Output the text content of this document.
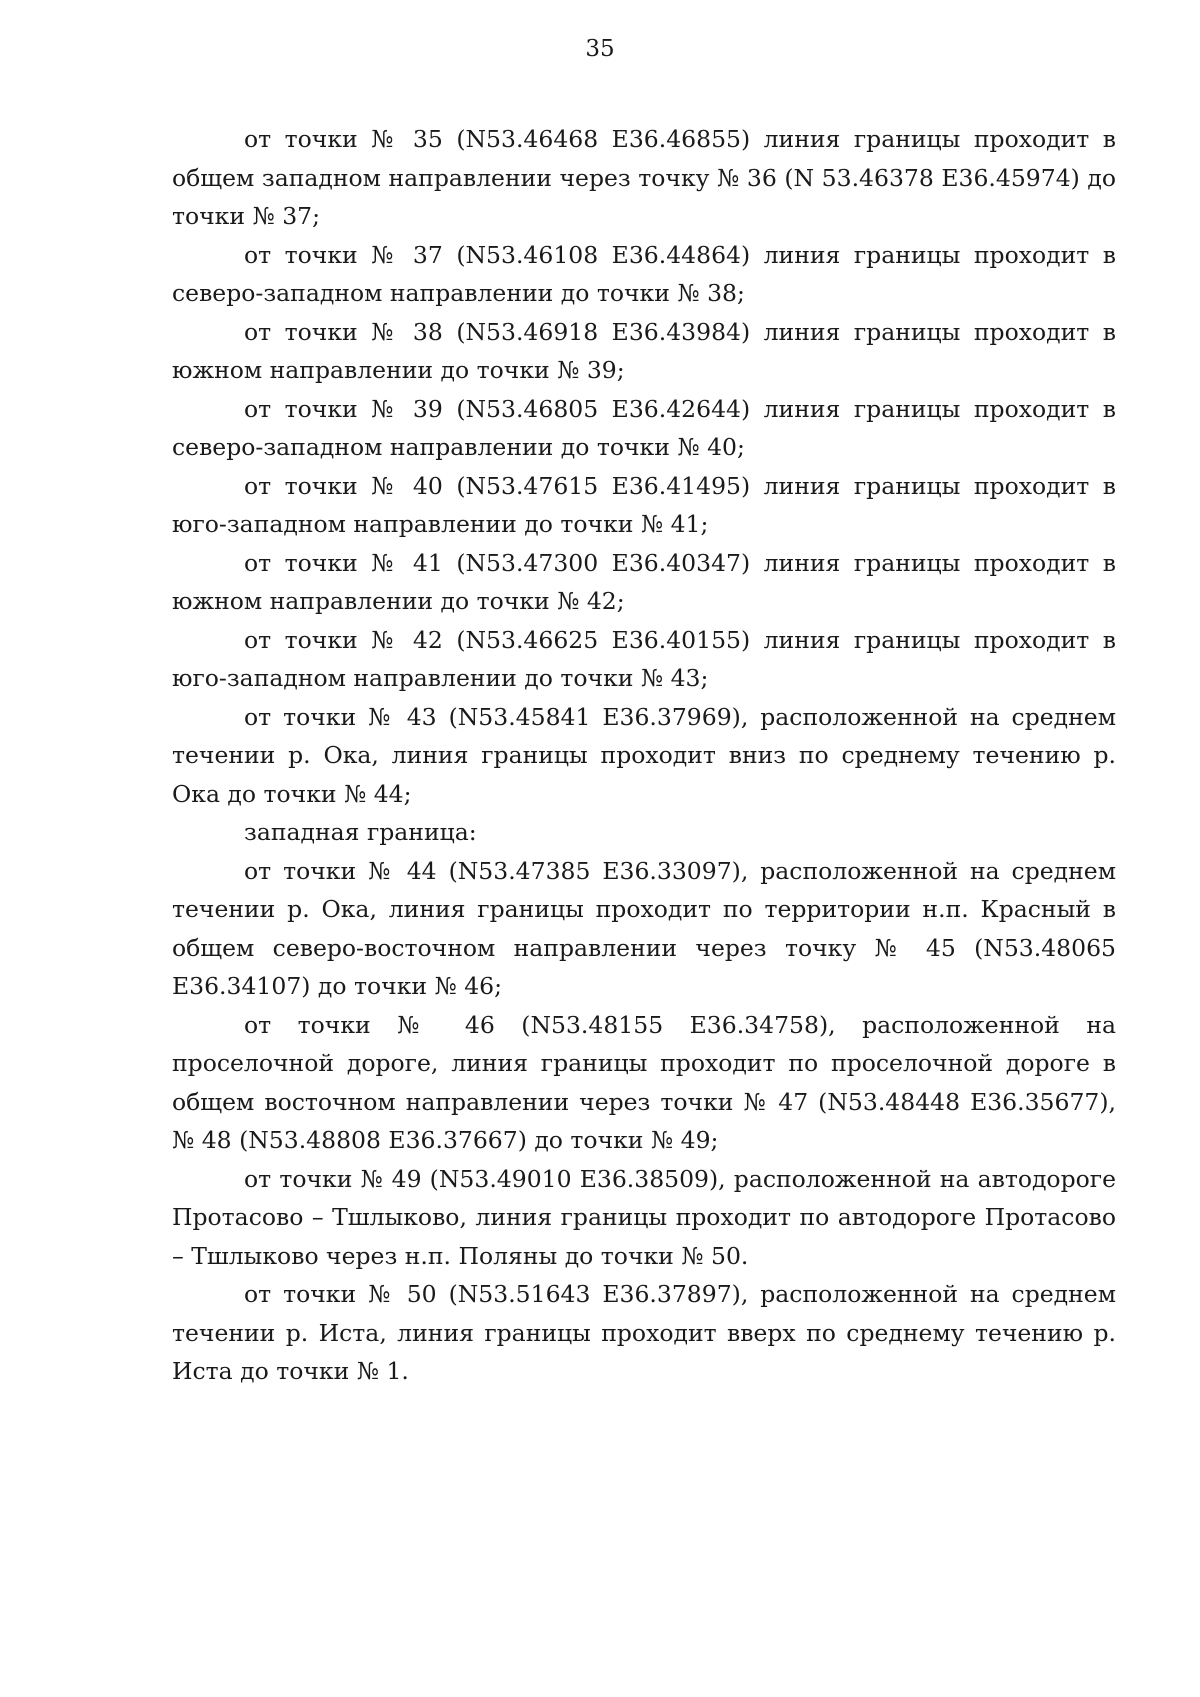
35

от точки № 35 (N53.46468 E36.46855) линия границы проходит в общем западном направлении через точку № 36 (N 53.46378 E36.45974) до точки № 37;

от точки № 37 (N53.46108 E36.44864) линия границы проходит в северо-западном направлении до точки № 38;

от точки № 38 (N53.46918 E36.43984) линия границы проходит в южном направлении до точки № 39;

от точки № 39 (N53.46805 E36.42644) линия границы проходит в северо-западном направлении до точки № 40;

от точки № 40 (N53.47615 E36.41495) линия границы проходит в юго-западном направлении до точки № 41;

от точки № 41 (N53.47300 E36.40347) линия границы проходит в южном направлении до точки № 42;

от точки № 42 (N53.46625 E36.40155) линия границы проходит в юго-западном направлении до точки № 43;

от точки № 43 (N53.45841 E36.37969), расположенной на среднем течении р. Ока, линия границы проходит вниз по среднему течению р. Ока до точки № 44;

западная граница:

от точки № 44 (N53.47385 E36.33097), расположенной на среднем течении р. Ока, линия границы проходит по территории н.п. Красный в общем северо-восточном направлении через точку № 45 (N53.48065 E36.34107) до точки № 46;

от точки № 46 (N53.48155 E36.34758), расположенной на проселочной дороге, линия границы проходит по проселочной дороге в общем восточном направлении через точки № 47 (N53.48448 E36.35677), № 48 (N53.48808 E36.37667) до точки № 49;

от точки № 49 (N53.49010 E36.38509), расположенной на автодороге Протасово – Тшлыково, линия границы проходит по автодороге Протасово – Тшлыково через н.п. Поляны до точки № 50.

от точки № 50 (N53.51643 E36.37897), расположенной на среднем течении р. Иста, линия границы проходит вверх по среднему течению р. Иста до точки № 1.
